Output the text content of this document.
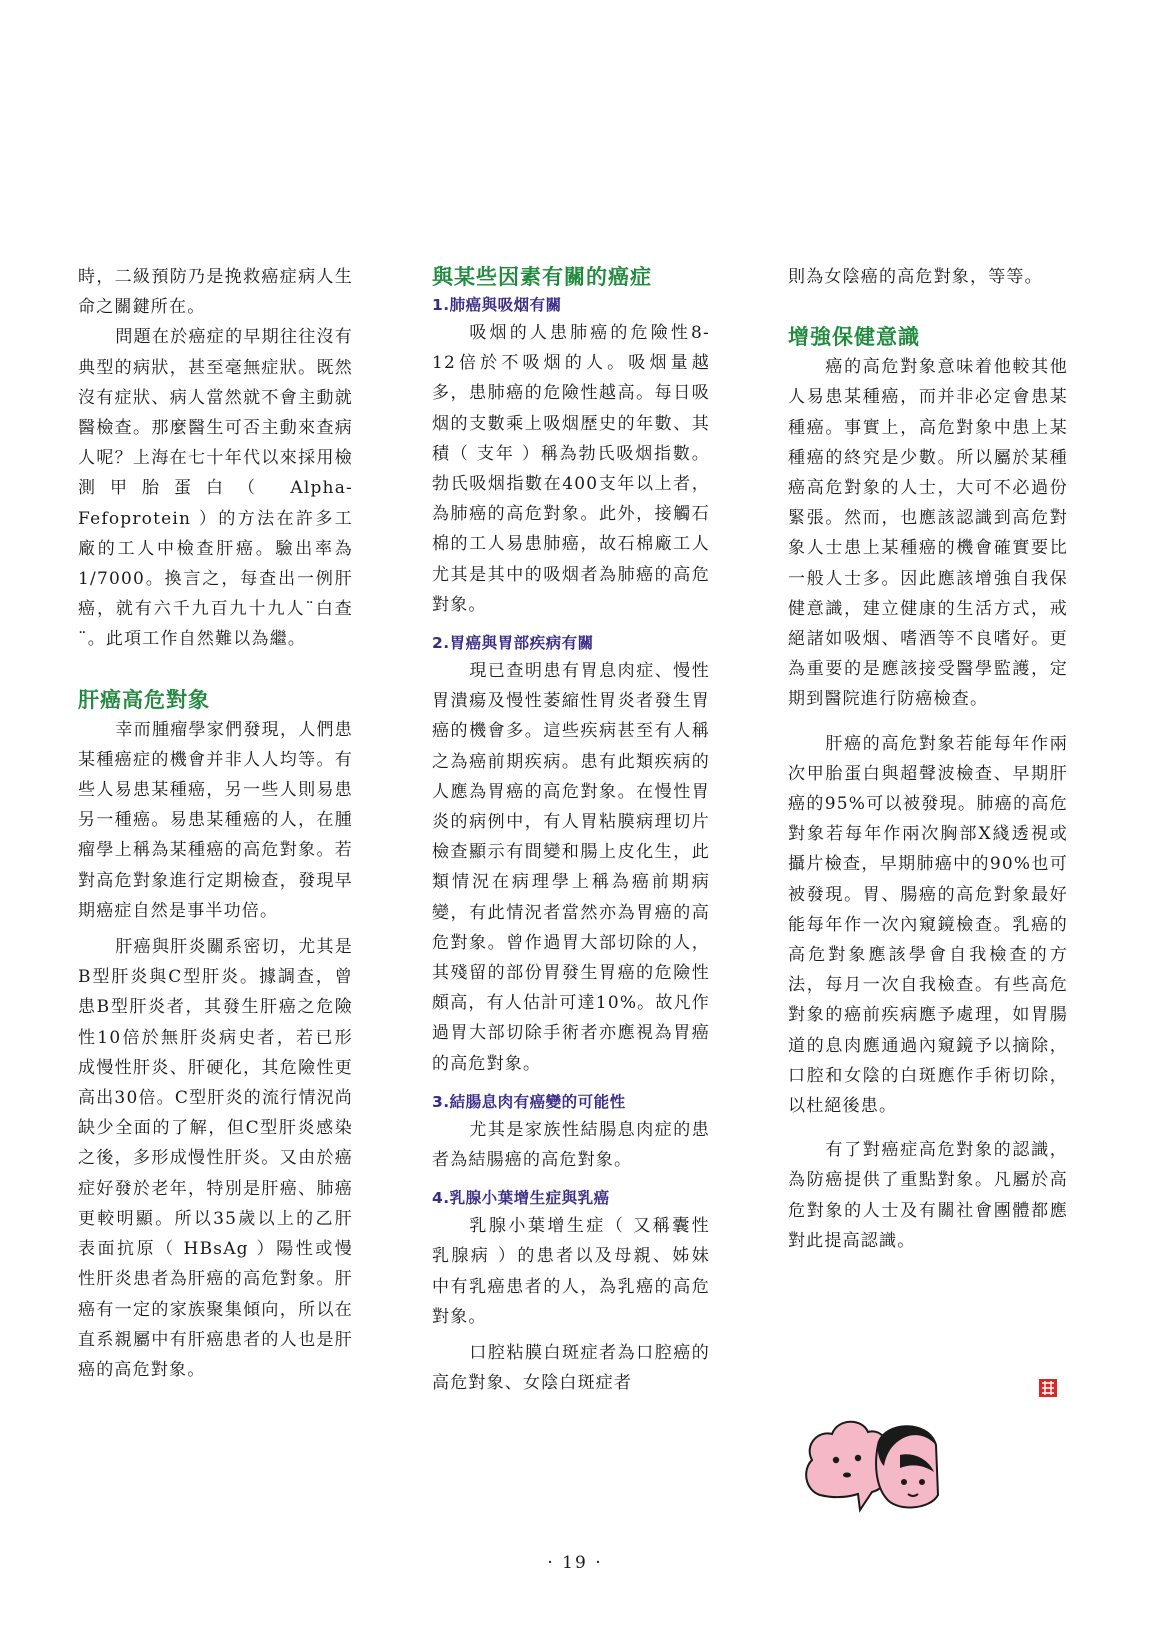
時，二級預防乃是挽救癌症病人生命之關鍵所在。

問題在於癌症的早期往往沒有典型的病狀，甚至毫無症狀。既然沒有症狀、病人當然就不會主動就醫檢查。那麼醫生可否主動來查病人呢？上海在七十年代以來採用檢測甲胎蛋白（ Alpha-Fefoprotein ）的方法在許多工廠的工人中檢查肝癌。驗出率為1/7000。換言之，每查出一例肝癌，就有六千九百九十九人¨白查¨。此項工作自然難以為繼。

肝癌高危對象

幸而腫瘤學家們發現，人們患某種癌症的機會并非人人均等。有些人易患某種癌，另一些人則易患另一種癌。易患某種癌的人，在腫瘤學上稱為某種癌的高危對象。若對高危對象進行定期檢查，發現早期癌症自然是事半功倍。

肝癌與肝炎關系密切，尤其是B型肝炎與C型肝炎。據調查，曾患B型肝炎者，其發生肝癌之危險性10倍於無肝炎病史者，若已形成慢性肝炎、肝硬化，其危險性更高出30倍。C型肝炎的流行情況尚缺少全面的了解，但C型肝炎感染之後，多形成慢性肝炎。又由於癌症好發於老年，特別是肝癌、肺癌更較明顯。所以35歲以上的乙肝表面抗原（ HBsAg ）陽性或慢性肝炎患者為肝癌的高危對象。肝癌有一定的家族聚集傾向，所以在直系親屬中有肝癌患者的人也是肝癌的高危對象。

與某些因素有關的癌症
1.肺癌與吸烟有關

吸烟的人患肺癌的危險性8-12倍於不吸烟的人。吸烟量越多，患肺癌的危險性越高。每日吸烟的支數乘上吸烟歷史的年數、其積（ 支年 ）稱為勃氏吸烟指數。勃氏吸烟指數在400支年以上者，為肺癌的高危對象。此外，接觸石棉的工人易患肺癌，故石棉廠工人尤其是其中的吸烟者為肺癌的高危對象。

2.胃癌與胃部疾病有關

現已查明患有胃息肉症、慢性胃潰瘍及慢性萎縮性胃炎者發生胃癌的機會多。這些疾病甚至有人稱之為癌前期疾病。患有此類疾病的人應為胃癌的高危對象。在慢性胃炎的病例中，有人胃粘膜病理切片檢查顯示有間變和腸上皮化生，此類情況在病理學上稱為癌前期病變，有此情況者當然亦為胃癌的高危對象。曾作過胃大部切除的人，其殘留的部份胃發生胃癌的危險性頗高，有人估計可達10%。故凡作過胃大部切除手術者亦應視為胃癌的高危對象。

3.結腸息肉有癌變的可能性

尤其是家族性結腸息肉症的患者為結腸癌的高危對象。

4.乳腺小葉增生症與乳癌

乳腺小葉增生症（ 又稱囊性乳腺病 ）的患者以及母親、姊妹中有乳癌患者的人，為乳癌的高危對象。

口腔粘膜白斑症者為口腔癌的高危對象、女陰白斑症者

則為女陰癌的高危對象，等等。

增強保健意識

癌的高危對象意味着他較其他人易患某種癌，而并非必定會患某種癌。事實上，高危對象中患上某種癌的終究是少數。所以屬於某種癌高危對象的人士，大可不必過份緊張。然而，也應該認識到高危對象人士患上某種癌的機會確實要比一般人士多。因此應該增強自我保健意識，建立健康的生活方式，戒絕諸如吸烟、嗜酒等不良嗜好。更為重要的是應該接受醫學監護，定期到醫院進行防癌檢查。

肝癌的高危對象若能每年作兩次甲胎蛋白與超聲波檢查、早期肝癌的95%可以被發現。肺癌的高危對象若每年作兩次胸部X綫透視或攝片檢查，早期肺癌中的90%也可被發現。胃、腸癌的高危對象最好能每年作一次內窺鏡檢查。乳癌的高危對象應該學會自我檢查的方法，每月一次自我檢查。有些高危對象的癌前疾病應予處理，如胃腸道的息肉應通過內窺鏡予以摘除，口腔和女陰的白斑應作手術切除，以杜絕後患。

有了對癌症高危對象的認識，為防癌提供了重點對象。凡屬於高危對象的人士及有關社會團體都應對此提高認識。

· 19 ·
